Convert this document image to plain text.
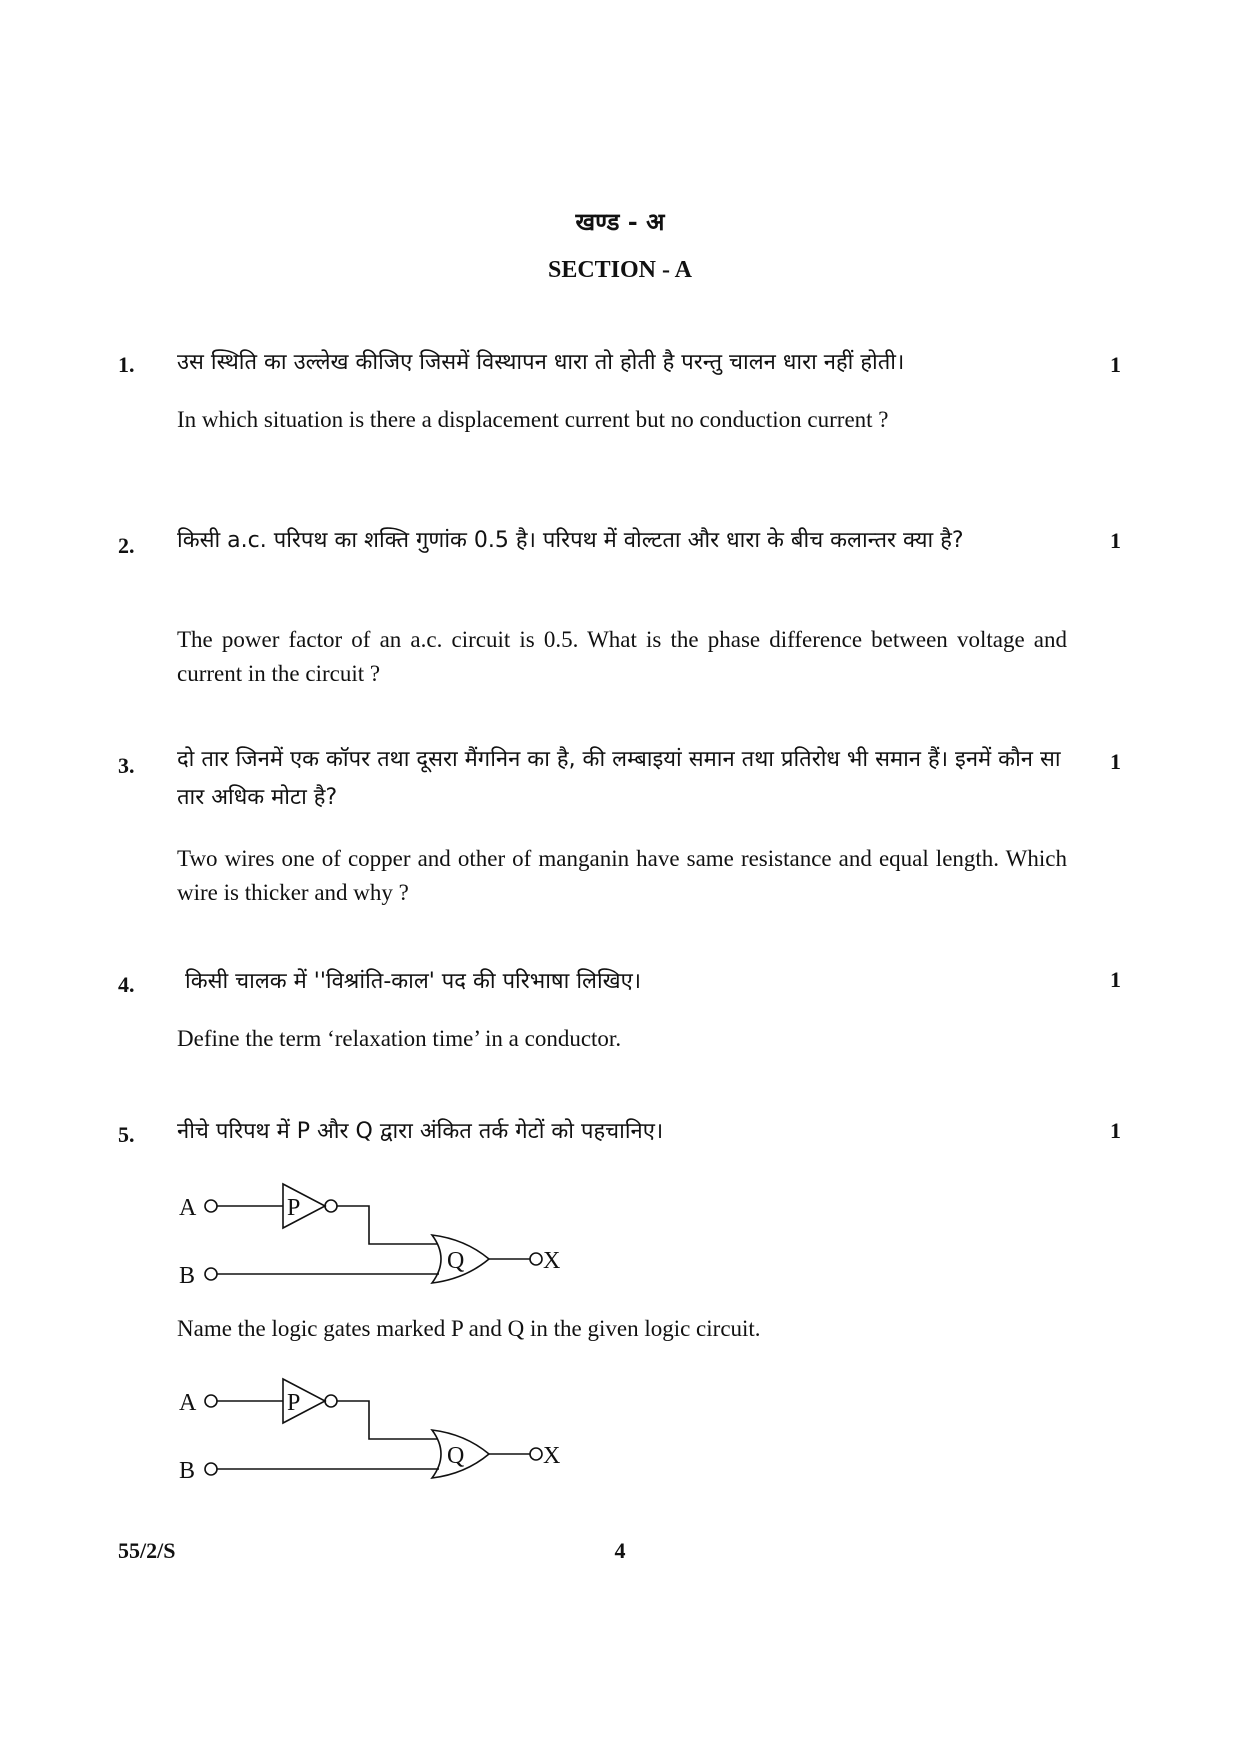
खण्ड - अ
SECTION - A
1. उस स्थिति का उल्लेख कीजिए जिसमें विस्थापन धारा तो होती है परन्तु चालन धारा नहीं होती।	1
In which situation is there a displacement current but no conduction current ?
2. किसी a.c. परिपथ का शक्ति गुणांक 0.5 है। परिपथ में वोल्टता और धारा के बीच कलान्तर क्या है?	1
The power factor of an a.c. circuit is 0.5. What is the phase difference between voltage and current in the circuit ?
3. दो तार जिनमें एक कॉपर तथा दूसरा मैंगनिन का है, की लम्बाइयां समान तथा प्रतिरोध भी समान हैं। इनमें कौन सा तार अधिक मोटा है?
1
Two wires one of copper and other of manganin have same resistance and equal length. Which wire is thicker and why ?
4. किसी चालक में ''विश्रांति-काल' पद की परिभाषा लिखिए।	1
Define the term ‘relaxation time’ in a conductor.
5. नीचे परिपथ में P और Q द्वारा अंकित तर्क गेटों को पहचानिए।	1
A	P
B
Q	X
Name the logic gates marked P and Q in the given logic circuit.
A	P
B
Q	X
55/2/S	4
